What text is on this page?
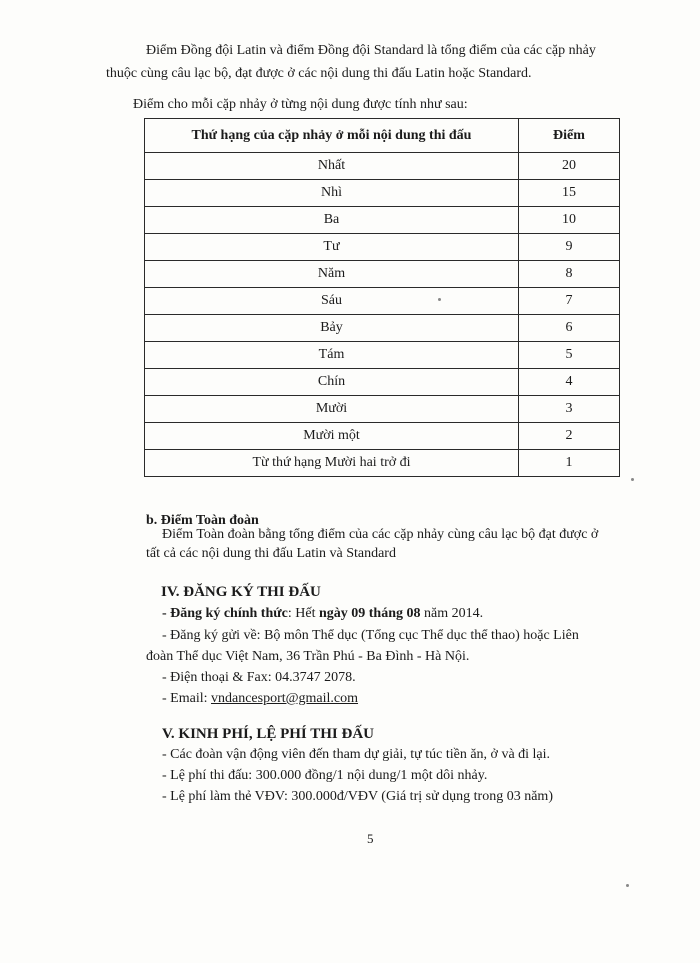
Điểm Đồng đội Latin và điểm Đồng đội Standard là tổng điểm của các cặp nhảy
thuộc cùng câu lạc bộ, đạt được ở các nội dung thi đấu Latin hoặc Standard.
Điểm cho mỗi cặp nhảy ở từng nội dung được tính như sau:
Thứ hạng của cặp nhảy ở mỗi nội dung thi đấu	Điểm
Nhất	20
Nhì	15
Ba	10
Tư	9
Năm	8
Sáu	7
Bảy	6
Tám	5
Chín	4
Mười	3
Mười một	2
Từ thứ hạng Mười hai trở đi	1
b. Điểm Toàn đoàn
Điểm Toàn đoàn bằng tổng điểm của các cặp nhảy cùng câu lạc bộ đạt được ở
tất cả các nội dung thi đấu Latin và Standard
IV. ĐĂNG KÝ THI ĐẤU
- Đăng ký chính thức: Hết ngày 09 tháng 08 năm 2014.
- Đăng ký gửi về: Bộ môn Thể dục (Tổng cục Thể dục thể thao) hoặc Liên
đoàn Thể dục Việt Nam, 36 Trần Phú - Ba Đình - Hà Nội.
- Điện thoại & Fax: 04.3747 2078.
- Email: vndancesport@gmail.com
V. KINH PHÍ, LỆ PHÍ THI ĐẤU
- Các đoàn vận động viên đến tham dự giải, tự túc tiền ăn, ở và đi lại.
- Lệ phí thi đấu: 300.000 đồng/1 nội dung/1 một dôi nhảy.
- Lệ phí làm thẻ VĐV: 300.000đ/VĐV (Giá trị sử dụng trong 03 năm)
5
